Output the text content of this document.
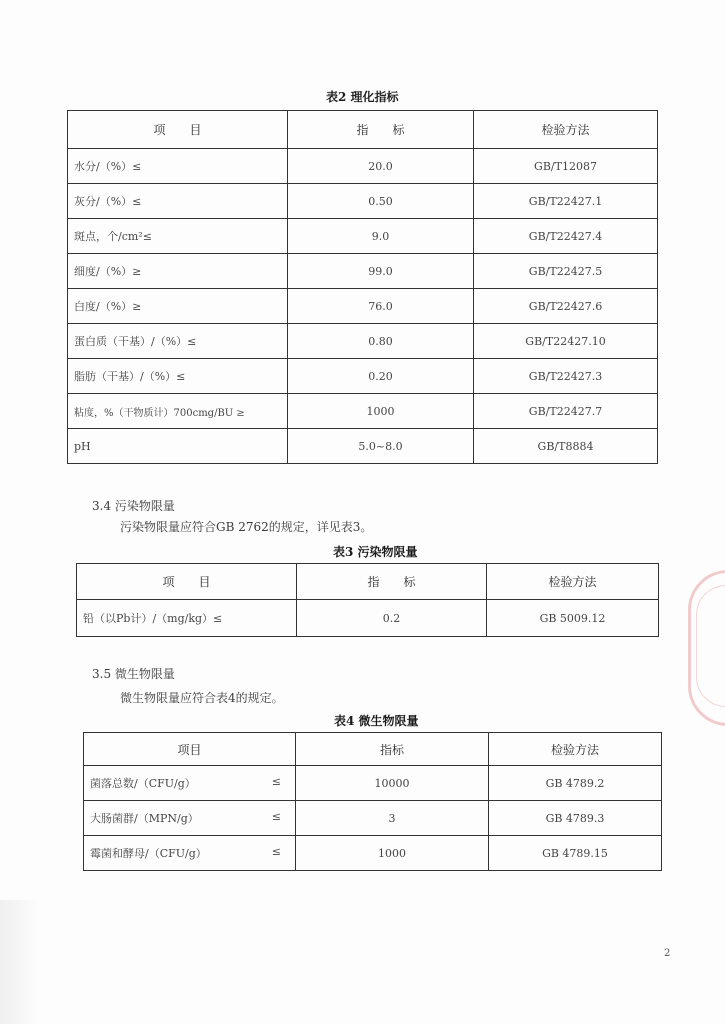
表2 理化指标
项　　目	指　　标	检验方法
水分/（%）≤	20.0	GB/T12087
灰分/（%）≤	0.50	GB/T22427.1
斑点，个/cm²≤	9.0	GB/T22427.4
细度/（%）≥	99.0	GB/T22427.5
白度/（%）≥	76.0	GB/T22427.6
蛋白质（干基）/（%）≤	0.80	GB/T22427.10
脂肪（干基）/（%）≤	0.20	GB/T22427.3
粘度，%（干物质计）700cmg/BU ≥	1000	GB/T22427.7
pH	5.0~8.0	GB/T8884
3.4 污染物限量
污染物限量应符合GB 2762的规定，详见表3。
表3 污染物限量
项　　目	指　　标	检验方法
铅（以Pb计）/（mg/kg）≤	0.2	GB 5009.12
3.5 微生物限量
微生物限量应符合表4的规定。
表4 微生物限量
项目	指标	检验方法
菌落总数/（CFU/g） ≤	10000	GB 4789.2
大肠菌群/（MPN/g） ≤	3	GB 4789.3
霉菌和酵母/（CFU/g） ≤	1000	GB 4789.15
2
